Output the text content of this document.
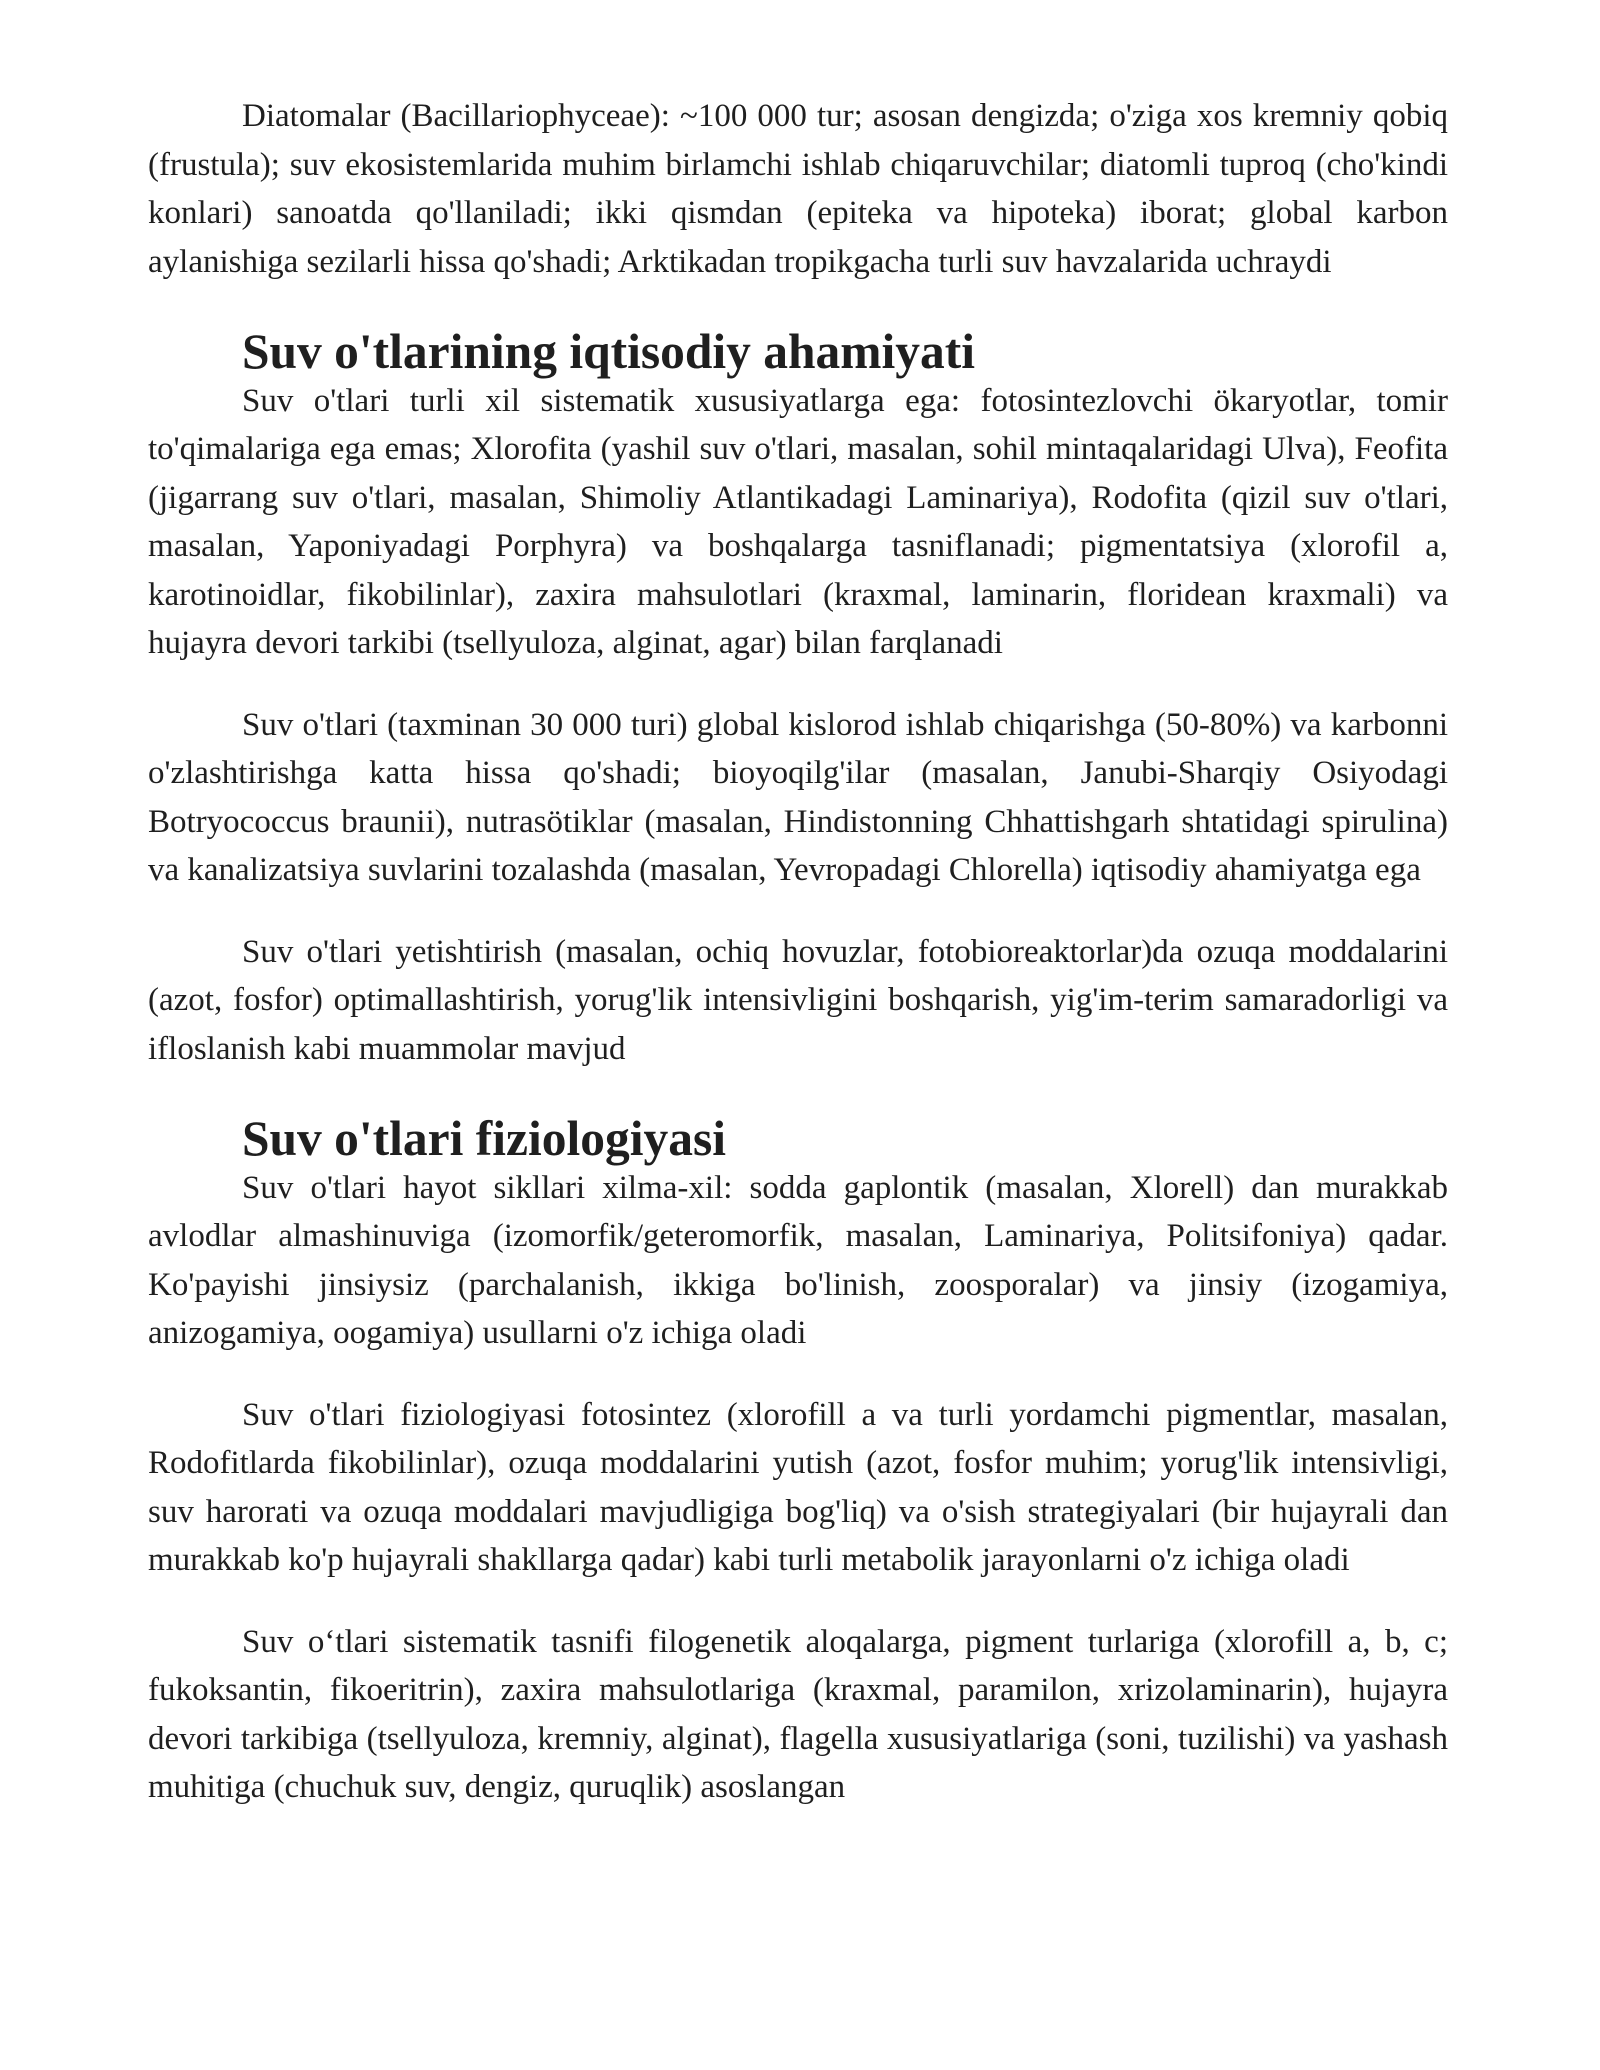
Diatomalar (Bacillariophyceae): ~100 000 tur; asosan dengizda; o'ziga xos kremniy qobiq (frustula); suv ekosistemlarida muhim birlamchi ishlab chiqaruvchilar; diatomli tuproq (cho'kindi konlari) sanoatda qo'llaniladi; ikki qismdan (epiteka va hipoteka) iborat; global karbon aylanishiga sezilarli hissa qo'shadi; Arktikadan tropikgacha turli suv havzalarida uchraydi

Suv o'tlarining iqtisodiy ahamiyati

Suv o'tlari turli xil sistematik xususiyatlarga ega: fotosintezlovchi ökaryotlar, tomir to'qimalariga ega emas; Xlorofita (yashil suv o'tlari, masalan, sohil mintaqalaridagi Ulva), Feofita (jigarrang suv o'tlari, masalan, Shimoliy Atlantikadagi Laminariya), Rodofita (qizil suv o'tlari, masalan, Yaponiyadagi Porphyra) va boshqalarga tasniflanadi; pigmentatsiya (xlorofil a, karotinoidlar, fikobilinlar), zaxira mahsulotlari (kraxmal, laminarin, floridean kraxmali) va hujayra devori tarkibi (tsellyuloza, alginat, agar) bilan farqlanadi

Suv o'tlari (taxminan 30 000 turi) global kislorod ishlab chiqarishga (50-80%) va karbonni o'zlashtirishga katta hissa qo'shadi; bioyoqilg'ilar (masalan, Janubi-Sharqiy Osiyodagi Botryococcus braunii), nutrasötiklar (masalan, Hindistonning Chhattishgarh shtatidagi spirulina) va kanalizatsiya suvlarini tozalashda (masalan, Yevropadagi Chlorella) iqtisodiy ahamiyatga ega

Suv o'tlari yetishtirish (masalan, ochiq hovuzlar, fotobioreaktorlar)da ozuqa moddalarini (azot, fosfor) optimallashtirish, yorug'lik intensivligini boshqarish, yig'im-terim samaradorligi va ifloslanish kabi muammolar mavjud

Suv o'tlari fiziologiyasi

Suv o'tlari hayot sikllari xilma-xil: sodda gaplontik (masalan, Xlorell) dan murakkab avlodlar almashinuviga (izomorfik/geteromorfik, masalan, Laminariya, Politsifoniya) qadar. Ko'payishi jinsiysiz (parchalanish, ikkiga bo'linish, zoosporalar) va jinsiy (izogamiya, anizogamiya, oogamiya) usullarni o'z ichiga oladi

Suv o'tlari fiziologiyasi fotosintez (xlorofill a va turli yordamchi pigmentlar, masalan, Rodofitlarda fikobilinlar), ozuqa moddalarini yutish (azot, fosfor muhim; yorug'lik intensivligi, suv harorati va ozuqa moddalari mavjudligiga bog'liq) va o'sish strategiyalari (bir hujayrali dan murakkab ko'p hujayrali shakllarga qadar) kabi turli metabolik jarayonlarni o'z ichiga oladi

Suv o‘tlari sistematik tasnifi filogenetik aloqalarga, pigment turlariga (xlorofill a, b, c; fukoksantin, fikoeritrin), zaxira mahsulotlariga (kraxmal, paramilon, xrizolaminarin), hujayra devori tarkibiga (tsellyuloza, kremniy, alginat), flagella xususiyatlariga (soni, tuzilishi) va yashash muhitiga (chuchuk suv, dengiz, quruqlik) asoslangan
